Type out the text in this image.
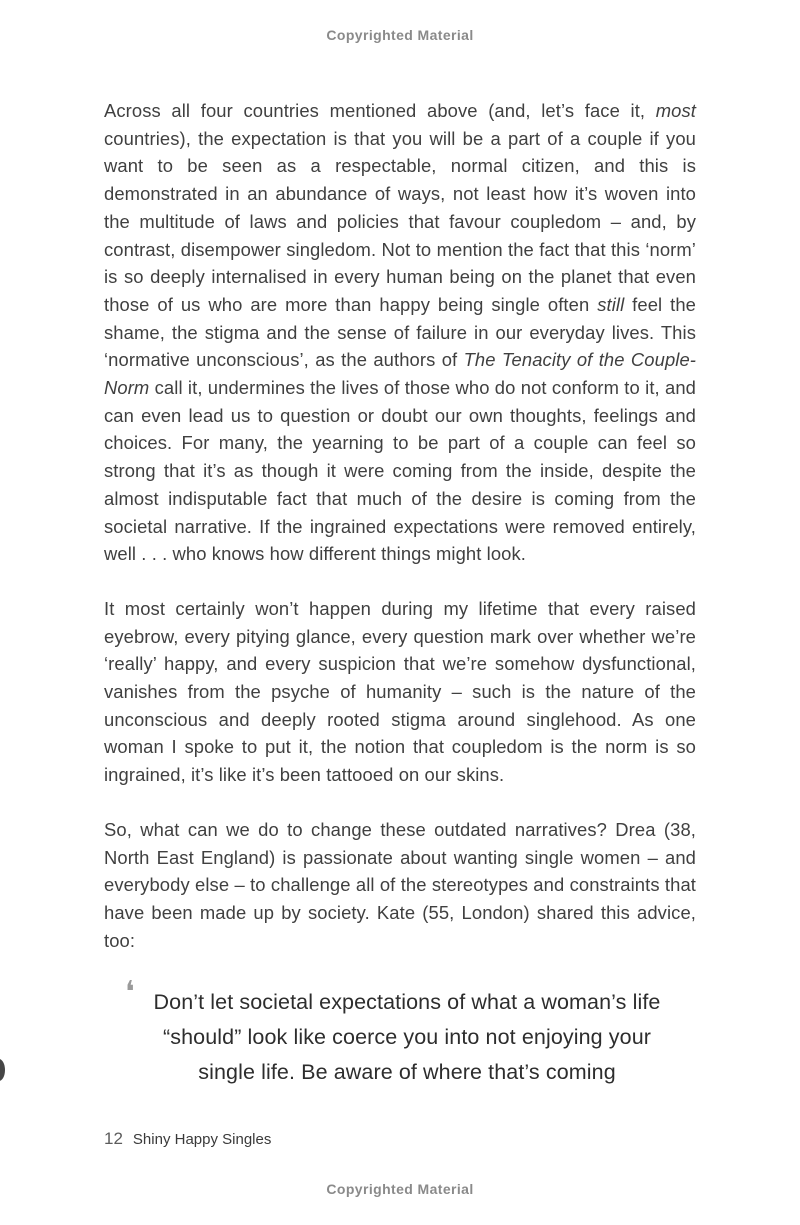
Copyrighted Material

Across all four countries mentioned above (and, let’s face it, most countries), the expectation is that you will be a part of a couple if you want to be seen as a respectable, normal citizen, and this is demonstrated in an abundance of ways, not least how it’s woven into the multitude of laws and policies that favour coupledom – and, by contrast, disempower singledom. Not to mention the fact that this ‘norm’ is so deeply internalised in every human being on the planet that even those of us who are more than happy being single often still feel the shame, the stigma and the sense of failure in our everyday lives. This ‘normative unconscious’, as the authors of The Tenacity of the Couple-Norm call it, undermines the lives of those who do not conform to it, and can even lead us to question or doubt our own thoughts, feelings and choices. For many, the yearning to be part of a couple can feel so strong that it’s as though it were coming from the inside, despite the almost indisputable fact that much of the desire is coming from the societal narrative. If the ingrained expectations were removed entirely, well . . . who knows how different things might look.

It most certainly won’t happen during my lifetime that every raised eyebrow, every pitying glance, every question mark over whether we’re ‘really’ happy, and every suspicion that we’re somehow dysfunctional, vanishes from the psyche of humanity – such is the nature of the unconscious and deeply rooted stigma around singlehood. As one woman I spoke to put it, the notion that coupledom is the norm is so ingrained, it’s like it’s been tattooed on our skins.

So, what can we do to change these outdated narratives? Drea (38, North East England) is passionate about wanting single women – and everybody else – to challenge all of the stereotypes and constraints that have been made up by society. Kate (55, London) shared this advice, too:

❛ Don’t let societal expectations of what a woman’s life “should” look like coerce you into not enjoying your single life. Be aware of where that’s coming
12 Shiny Happy Singles
Copyrighted Material
